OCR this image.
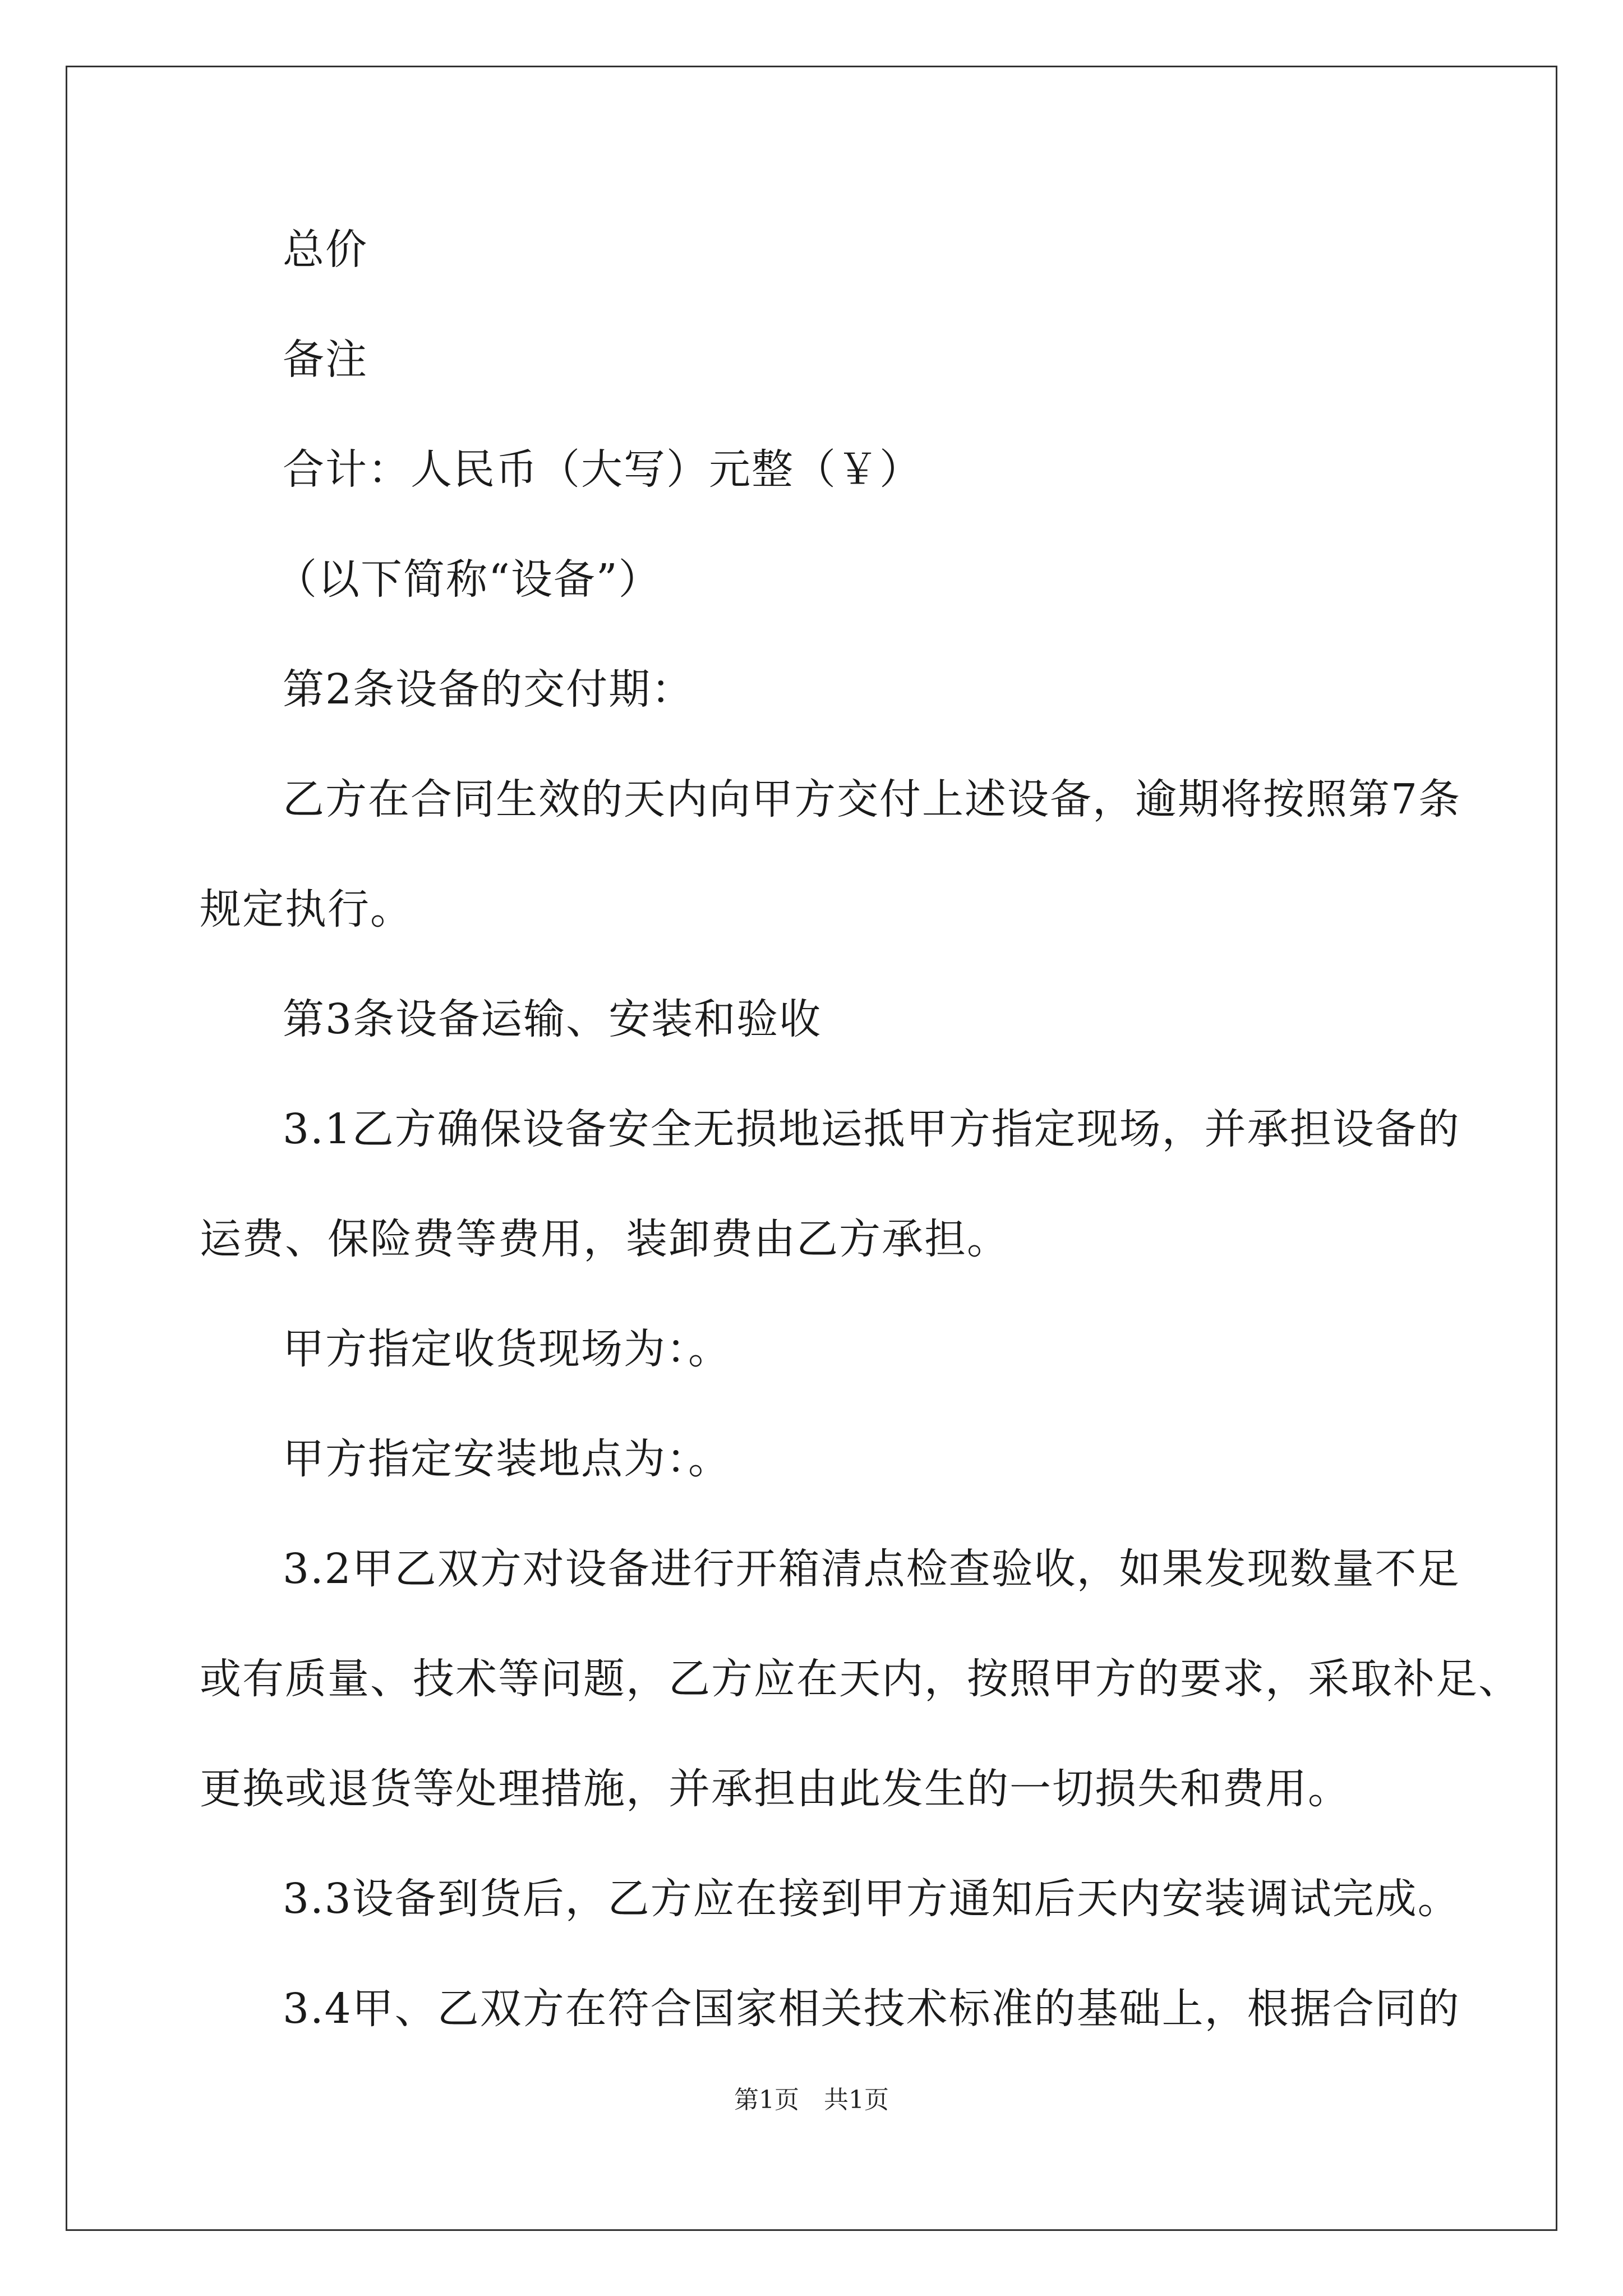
总价
备注
合计：人民币（大写）元整（￥）
（以下简称“设备”）
第2条设备的交付期：
乙方在合同生效的天内向甲方交付上述设备，逾期将按照第7条
规定执行。
第3条设备运输、安装和验收
3.1乙方确保设备安全无损地运抵甲方指定现场，并承担设备的
运费、保险费等费用，装卸费由乙方承担。
甲方指定收货现场为：。
甲方指定安装地点为：。
3.2甲乙双方对设备进行开箱清点检查验收，如果发现数量不足
或有质量、技术等问题，乙方应在天内，按照甲方的要求，采取补足、
更换或退货等处理措施，并承担由此发生的一切损失和费用。
3.3设备到货后，乙方应在接到甲方通知后天内安装调试完成。
3.4甲、乙双方在符合国家相关技术标准的基础上，根据合同的
第1页　共1页
